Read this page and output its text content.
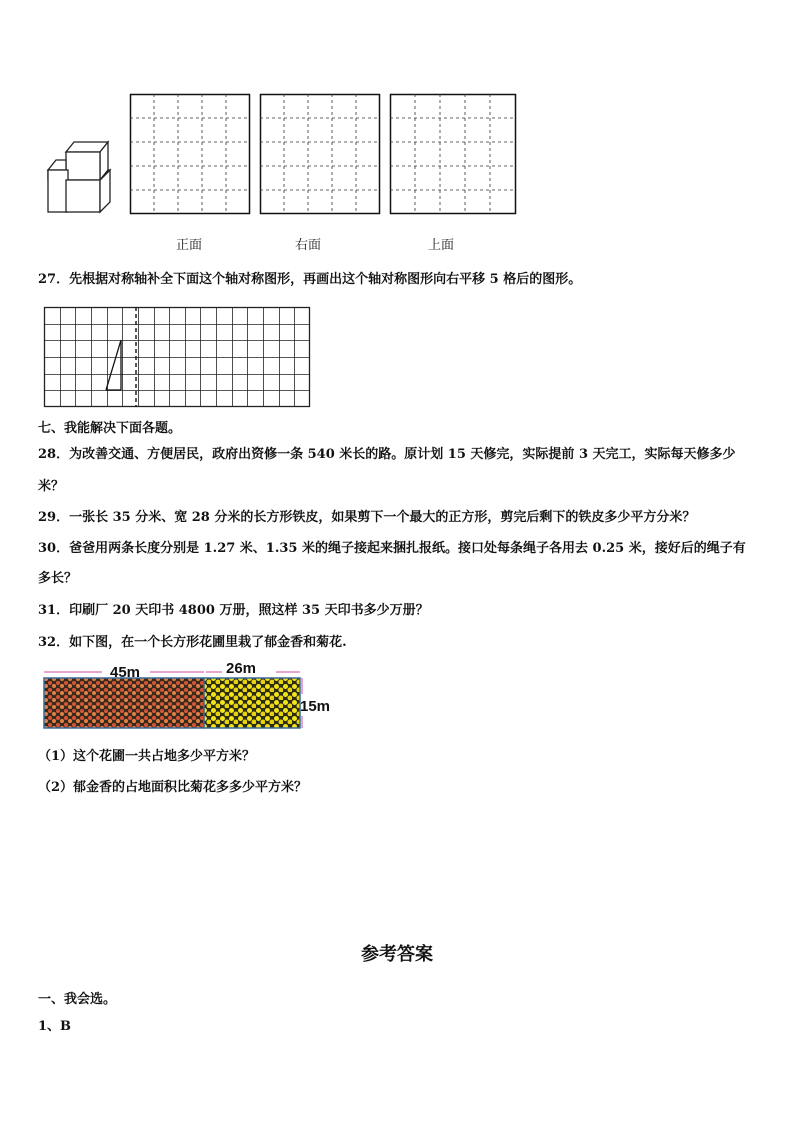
正面	右面	上面
27．先根据对称轴补全下面这个轴对称图形，再画出这个轴对称图形向右平移 5 格后的图形。
七、我能解决下面各题。
28．为改善交通、方便居民，政府出资修一条 540 米长的路。原计划 15 天修完，实际提前 3 天完工，实际每天修多少
米？
29．一张长 35 分米、宽 28 分米的长方形铁皮，如果剪下一个最大的正方形，剪完后剩下的铁皮多少平方分米？
30．爸爸用两条长度分别是 1.27 米、1.35 米的绳子接起来捆扎报纸。接口处每条绳子各用去 0.25 米，接好后的绳子有
多长？
31．印刷厂 20 天印书 4800 万册，照这样 35 天印书多少万册？
32．如下图，在一个长方形花圃里栽了郁金香和菊花.
45m	26m
15m
（1）这个花圃一共占地多少平方米？
（2）郁金香的占地面积比菊花多多少平方米？
参考答案
一、我会选。
1、B
